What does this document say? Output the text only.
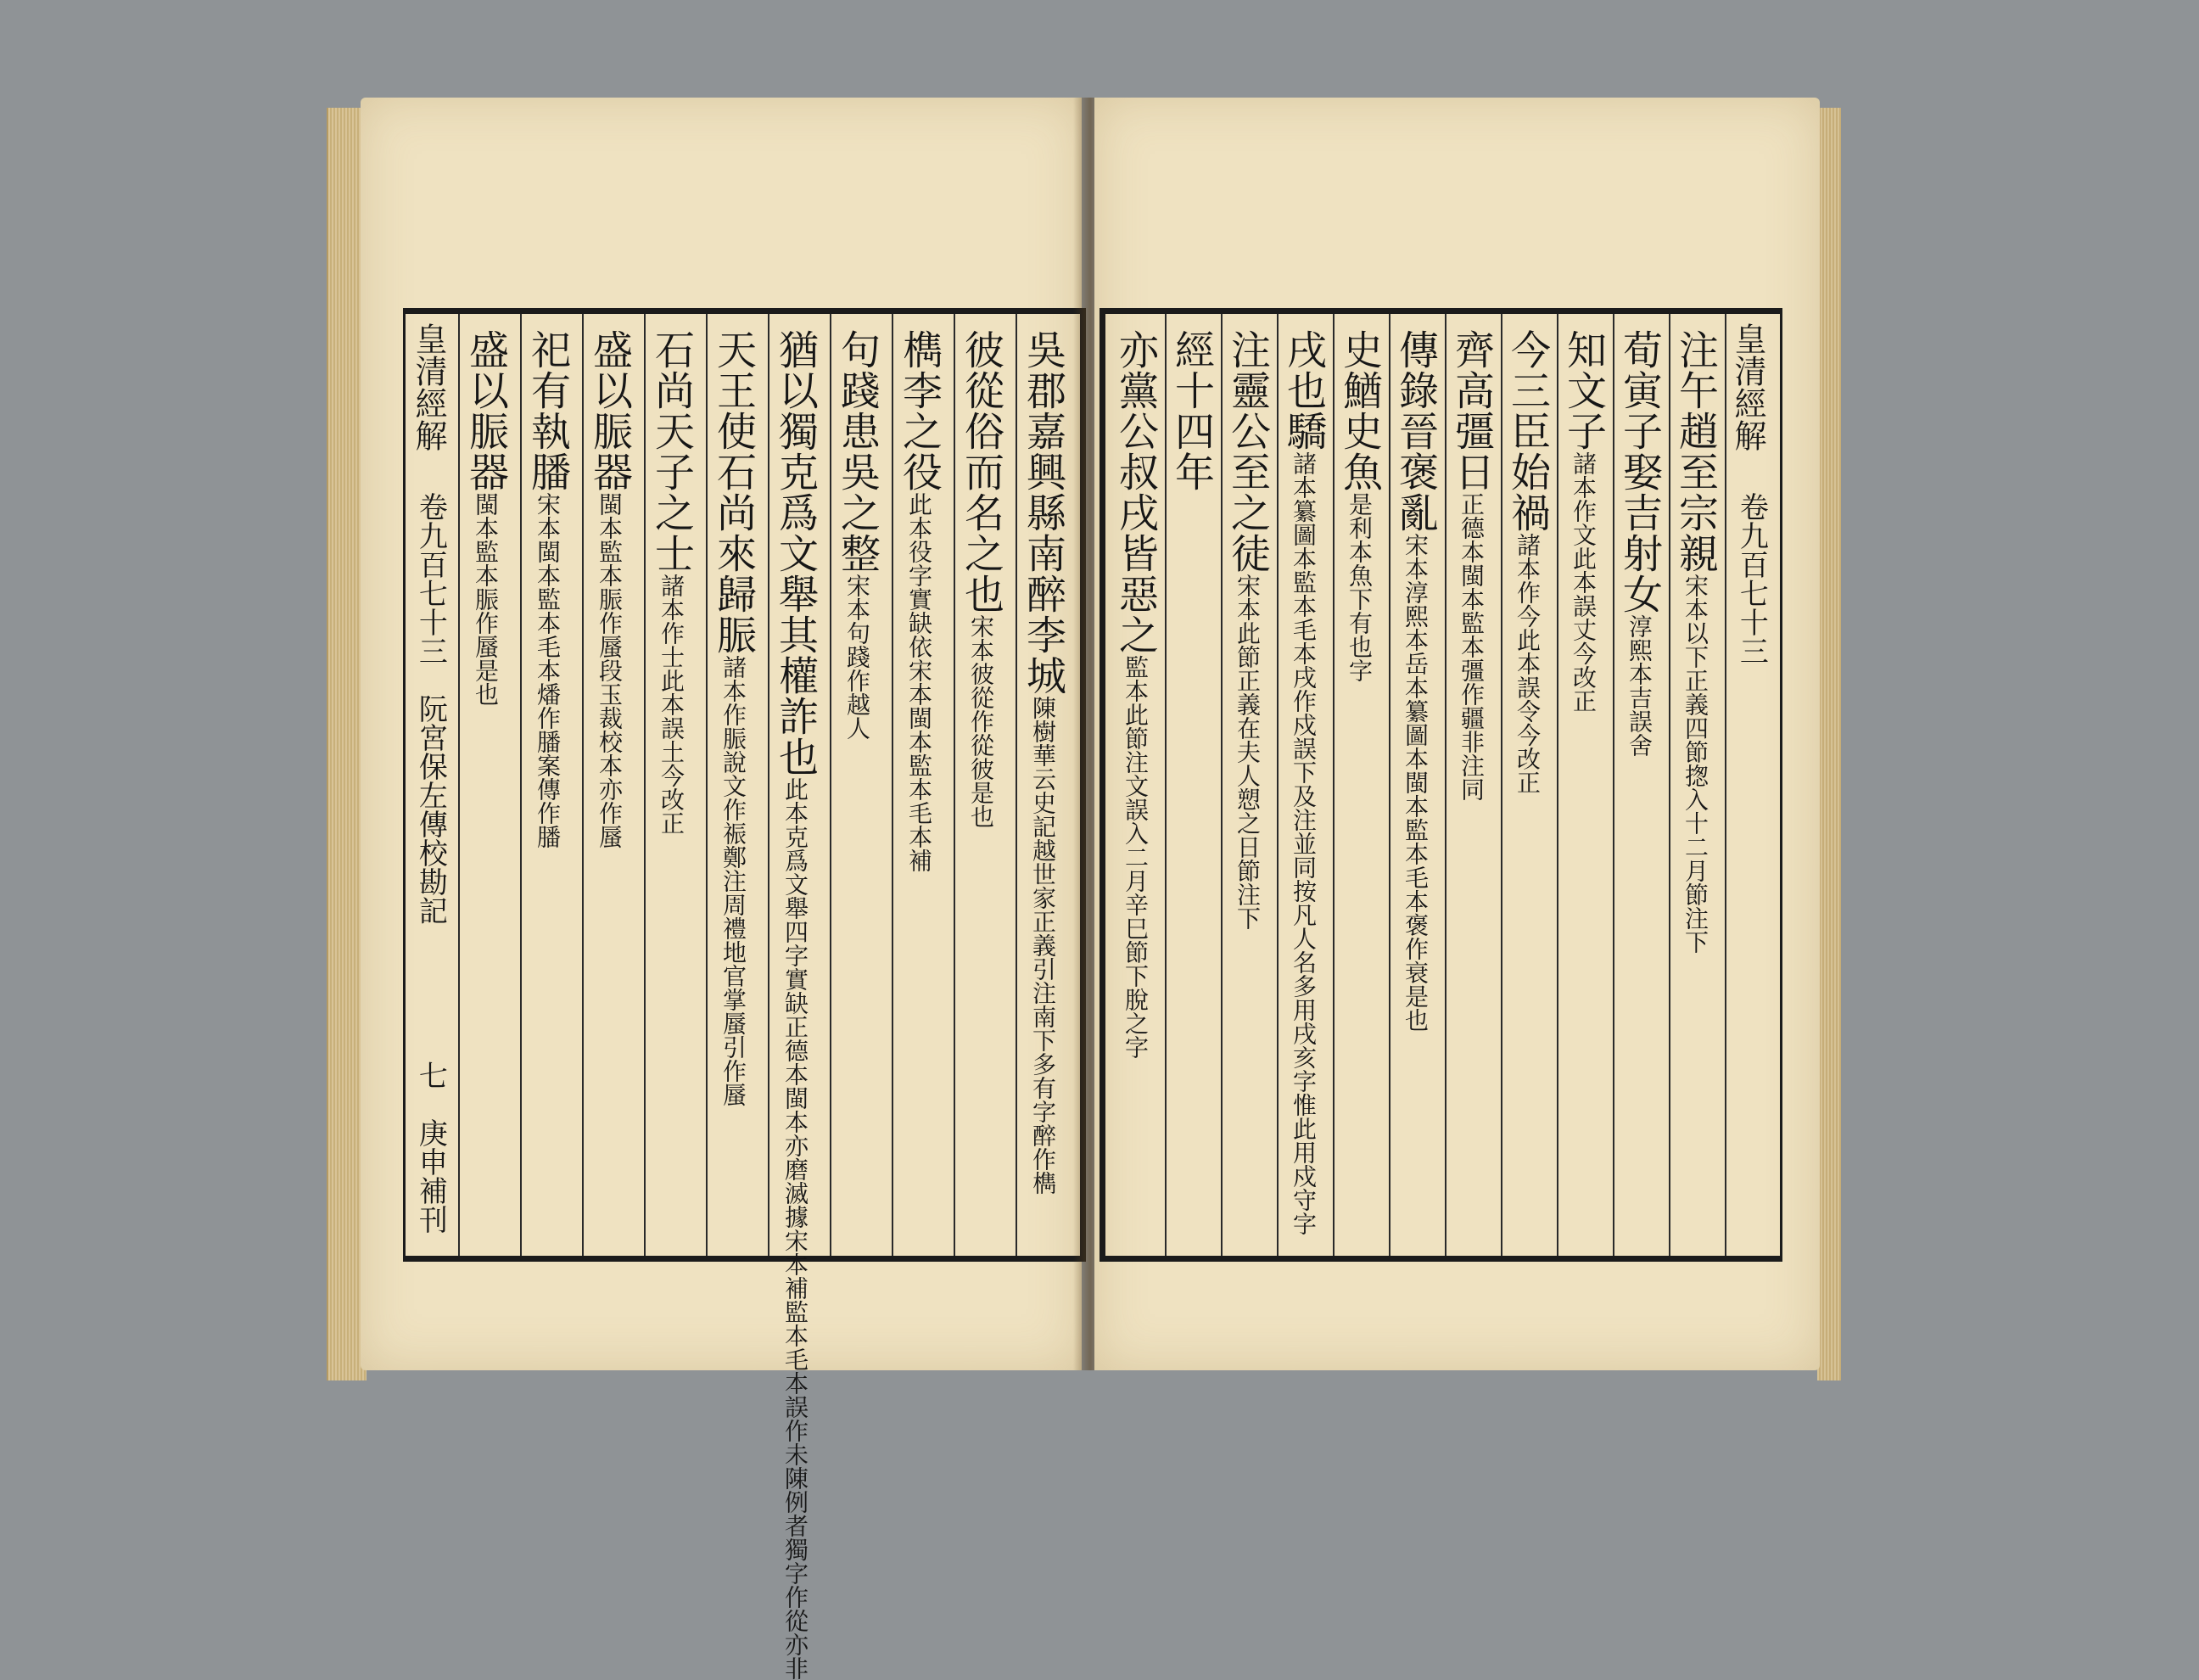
皇清經解
卷九百七十三　阮宮保左傳校勘記
七　庚申補刊
吳郡嘉興縣南醉李城陳樹華云史記越世家正義引注南下多有字醉作檇
彼從俗而名之也宋本彼從作從彼是也
檇李之役此本役字實缺依宋本閩本監本毛本補
句踐患吳之整宋本句踐作越人
猶以獨克爲文舉其權詐也此本克爲文舉四字實缺正德本閩本亦磨滅據宋本補監本毛本誤作未陳例者獨字作從亦非
天王使石尚來歸脤諸本作脤說文作祳鄭注周禮地官掌蜃引作蜃
石尚天子之士諸本作士此本誤土今改正
盛以脤器閩本監本脤作蜃段玉裁校本亦作蜃
祀有執膰宋本閩本監本毛本燔作膰案傳作膰
盛以脤器閩本監本脤作蜃是也
皇清經解
卷九百七十三
注午趙至宗親宋本以下正義四節揔入十二月節注下
荀寅子娶吉射女淳熙本吉誤舍
知文子諸本作文此本誤丈今改正
今三臣始禍諸本作今此本誤令今改正
齊高彊日正德本閩本監本彊作疆非注同
傳錄晉褒亂宋本淳熙本岳本纂圖本閩本監本毛本褒作衰是也
史鰌史魚是利本魚下有也字
戌也驕諸本纂圖本監本毛本戌作戍誤下及注並同按凡人名多用戌亥字惟此用戍守字
注靈公至之徒宋本此節正義在夫人愬之日節注下
經十四年
亦黨公叔戌皆惡之監本此節注文誤入二月辛巳節下脫之字
